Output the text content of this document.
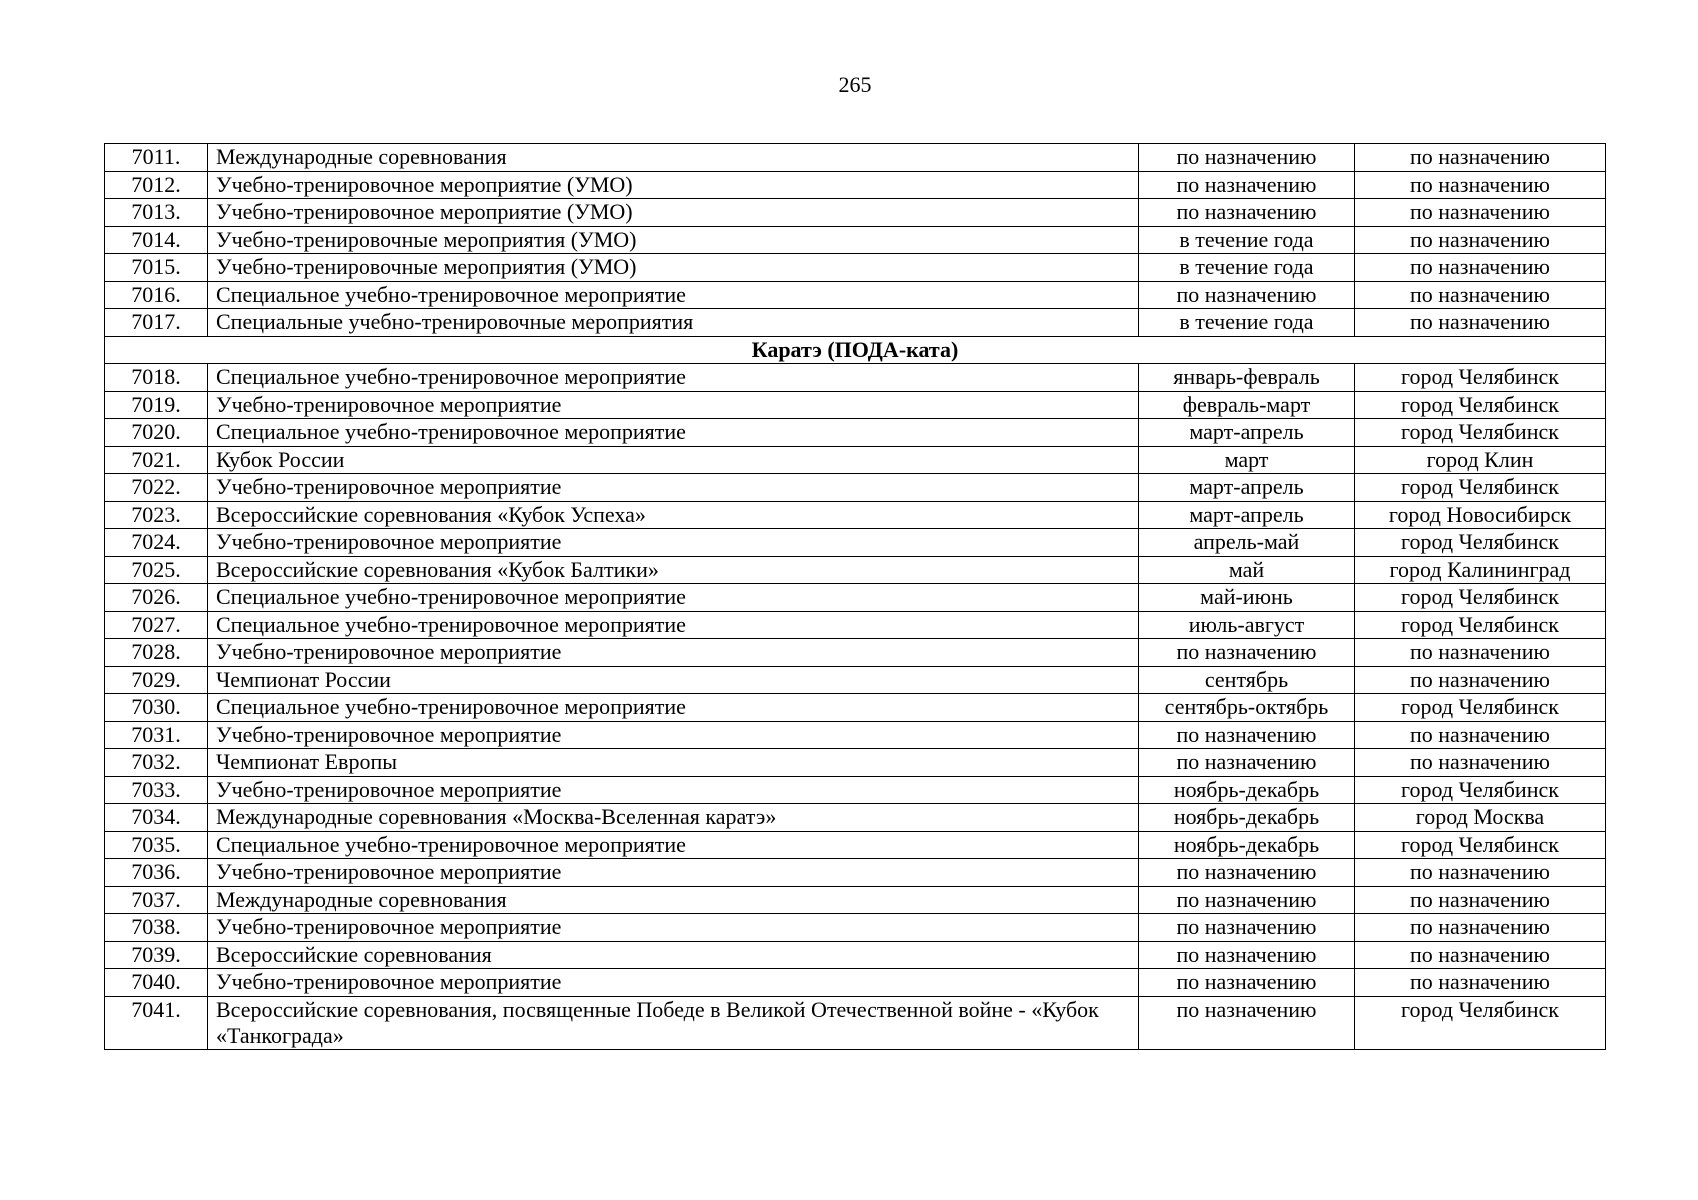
265
7011.	Международные соревнования	по назначению	по назначению
7012.	Учебно-тренировочное мероприятие (УМО)	по назначению	по назначению
7013.	Учебно-тренировочное мероприятие (УМО)	по назначению	по назначению
7014.	Учебно-тренировочные мероприятия (УМО)	в течение года	по назначению
7015.	Учебно-тренировочные мероприятия (УМО)	в течение года	по назначению
7016.	Специальное учебно-тренировочное мероприятие	по назначению	по назначению
7017.	Специальные учебно-тренировочные мероприятия	в течение года	по назначению
Каратэ (ПОДА-ката)			
7018.	Специальное учебно-тренировочное мероприятие	январь-февраль	город Челябинск
7019.	Учебно-тренировочное мероприятие	февраль-март	город Челябинск
7020.	Специальное учебно-тренировочное мероприятие	март-апрель	город Челябинск
7021.	Кубок России	март	город Клин
7022.	Учебно-тренировочное мероприятие	март-апрель	город Челябинск
7023.	Всероссийские соревнования «Кубок Успеха»	март-апрель	город Новосибирск
7024.	Учебно-тренировочное мероприятие	апрель-май	город Челябинск
7025.	Всероссийские соревнования «Кубок Балтики»	май	город Калининград
7026.	Специальное учебно-тренировочное мероприятие	май-июнь	город Челябинск
7027.	Специальное учебно-тренировочное мероприятие	июль-август	город Челябинск
7028.	Учебно-тренировочное мероприятие	по назначению	по назначению
7029.	Чемпионат России	сентябрь	по назначению
7030.	Специальное учебно-тренировочное мероприятие	сентябрь-октябрь	город Челябинск
7031.	Учебно-тренировочное мероприятие	по назначению	по назначению
7032.	Чемпионат Европы	по назначению	по назначению
7033.	Учебно-тренировочное мероприятие	ноябрь-декабрь	город Челябинск
7034.	Международные соревнования «Москва-Вселенная каратэ»	ноябрь-декабрь	город Москва
7035.	Специальное учебно-тренировочное мероприятие	ноябрь-декабрь	город Челябинск
7036.	Учебно-тренировочное мероприятие	по назначению	по назначению
7037.	Международные соревнования	по назначению	по назначению
7038.	Учебно-тренировочное мероприятие	по назначению	по назначению
7039.	Всероссийские соревнования	по назначению	по назначению
7040.	Учебно-тренировочное мероприятие	по назначению	по назначению
7041.	Всероссийские соревнования, посвященные Победе в Великой Отечественной войне - «Кубок «Танкограда»	по назначению	город Челябинск
